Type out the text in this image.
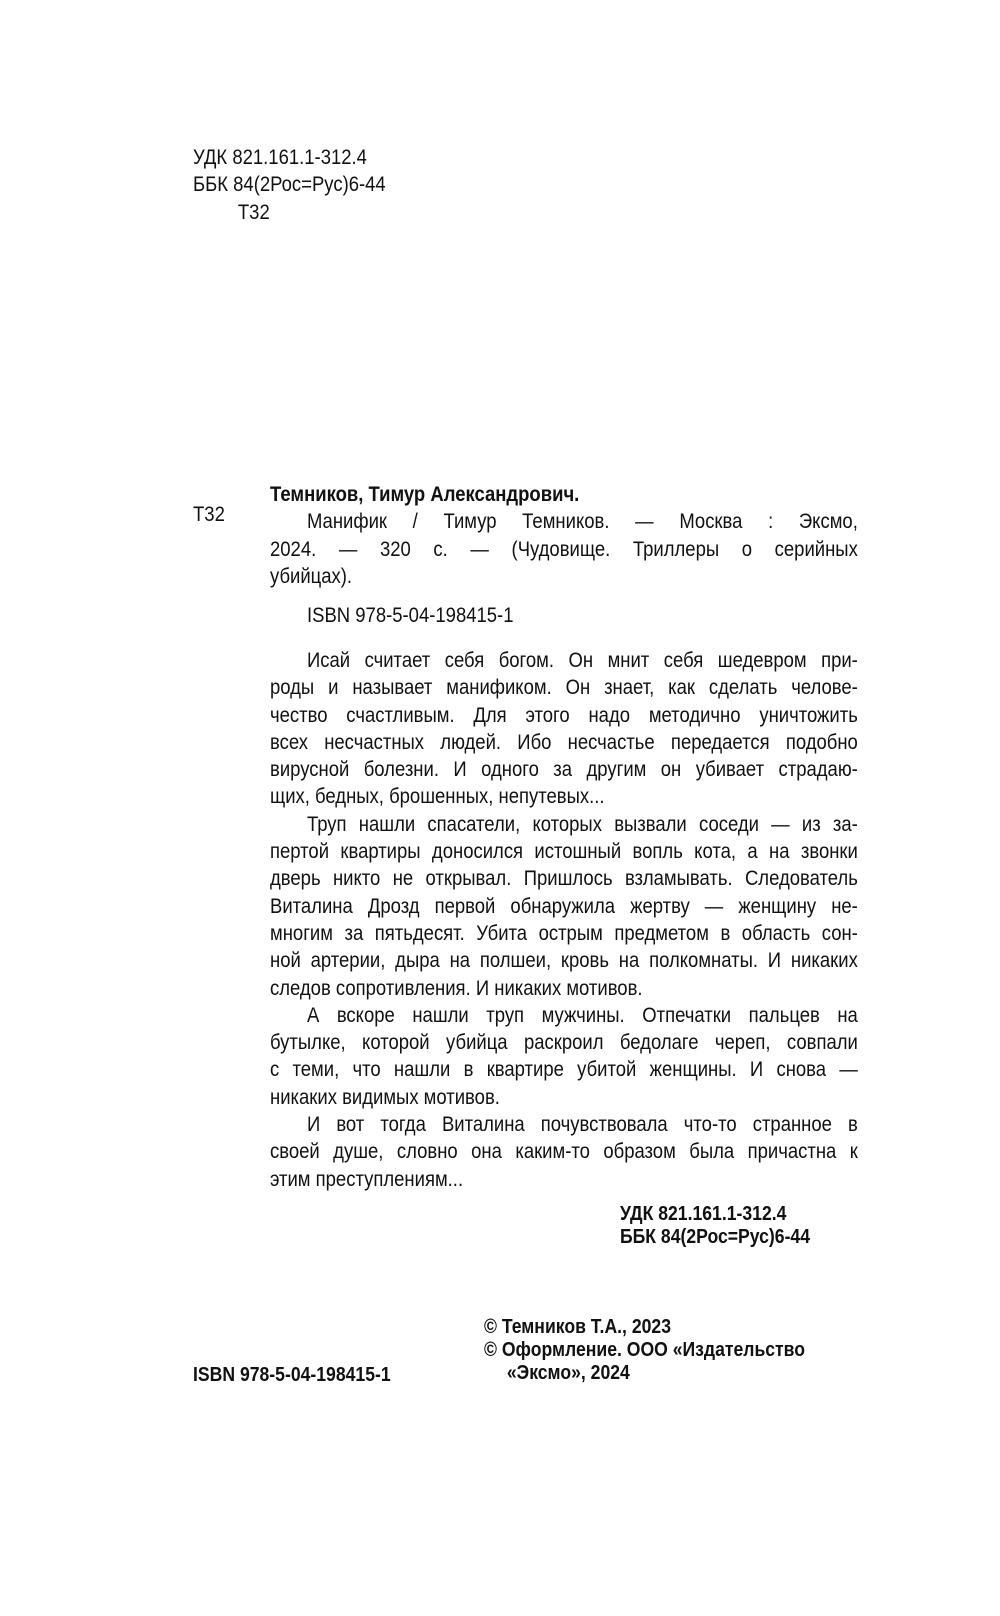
УДК 821.161.1-312.4
ББК 84(2Рос=Рус)6-44
Т32
Т32
Темников, Тимур Александрович.
Манифик / Тимур Темников. — Москва : Эксмо,
2024. — 320 с. — (Чудовище. Триллеры о серийных
убийцах).
ISBN 978-5-04-198415-1
Исай считает себя богом. Он мнит себя шедевром при-
роды и называет манификом. Он знает, как сделать челове-
чество счастливым. Для этого надо методично уничтожить
всех несчастных людей. Ибо несчастье передается подобно
вирусной болезни. И одного за другим он убивает страдаю-
щих, бедных, брошенных, непутевых...
Труп нашли спасатели, которых вызвали соседи — из за-
пертой квартиры доносился истошный вопль кота, а на звонки
дверь никто не открывал. Пришлось взламывать. Следователь
Виталина Дрозд первой обнаружила жертву — женщину не-
многим за пятьдесят. Убита острым предметом в область сон-
ной артерии, дыра на полшеи, кровь на полкомнаты. И никаких
следов сопротивления. И никаких мотивов.
А вскоре нашли труп мужчины. Отпечатки пальцев на
бутылке, которой убийца раскроил бедолаге череп, совпали
с теми, что нашли в квартире убитой женщины. И снова —
никаких видимых мотивов.
И вот тогда Виталина почувствовала что-то странное в
своей душе, словно она каким-то образом была причастна к
этим преступлениям...
УДК 821.161.1-312.4
ББК 84(2Рос=Рус)6-44
© Темников Т.А., 2023
© Оформление. ООО «Издательство
«Эксмо», 2024
ISBN 978-5-04-198415-1
